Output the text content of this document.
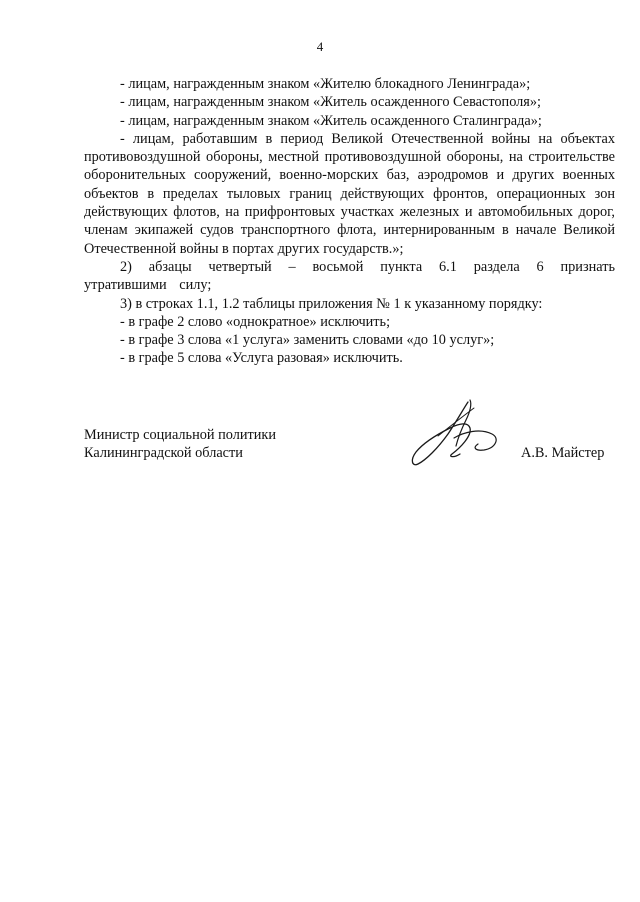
4

- лицам, награжденным знаком «Жителю блокадного Ленинграда»;

- лицам, награжденным знаком «Житель осажденного Севастополя»;

- лицам, награжденным знаком «Житель осажденного Сталинграда»;

- лицам, работавшим в период Великой Отечественной войны на объектах противовоздушной обороны, местной противовоздушной обороны, на строительстве оборонительных сооружений, военно-морских баз, аэродромов и других военных объектов в пределах тыловых границ действующих фронтов, операционных зон действующих флотов, на прифронтовых участках железных и автомобильных дорог, членам экипажей судов транспортного флота, интернированным в начале Великой Отечественной войны в портах других государств.»;

2) абзацы четвертый – восьмой пункта 6.1 раздела 6 признать утратившими силу;

3) в строках 1.1, 1.2 таблицы приложения № 1 к указанному порядку:

- в графе 2 слово «однократное» исключить;

- в графе 3 слова «1 услуга» заменить словами «до 10 услуг»;

- в графе 5 слова «Услуга разовая» исключить.

Министр социальной политики
Калининградской области	А.В. Майстер
